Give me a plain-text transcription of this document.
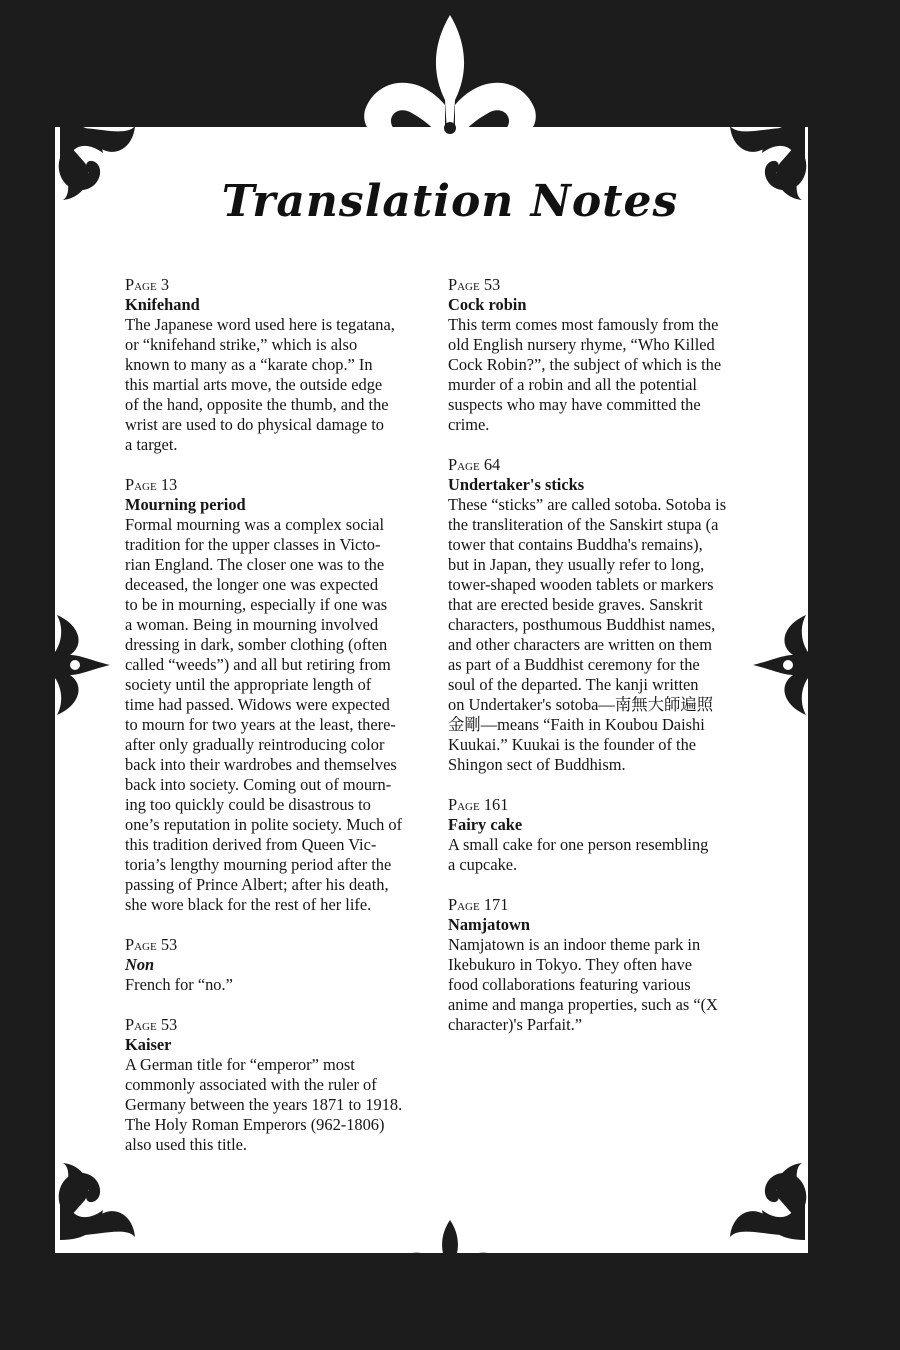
Translation Notes
Page 3
Knifehand
The Japanese word used here is tegatana,
or “knifehand strike,” which is also
known to many as a “karate chop.” In
this martial arts move, the outside edge
of the hand, opposite the thumb, and the
wrist are used to do physical damage to
a target.
Page 13
Mourning period
Formal mourning was a complex social
tradition for the upper classes in Victo-
rian England. The closer one was to the
deceased, the longer one was expected
to be in mourning, especially if one was
a woman. Being in mourning involved
dressing in dark, somber clothing (often
called “weeds”) and all but retiring from
society until the appropriate length of
time had passed. Widows were expected
to mourn for two years at the least, there-
after only gradually reintroducing color
back into their wardrobes and themselves
back into society. Coming out of mourn-
ing too quickly could be disastrous to
one’s reputation in polite society. Much of
this tradition derived from Queen Vic-
toria’s lengthy mourning period after the
passing of Prince Albert; after his death,
she wore black for the rest of her life.
Page 53
Non
French for “no.”
Page 53
Kaiser
A German title for “emperor” most
commonly associated with the ruler of
Germany between the years 1871 to 1918.
The Holy Roman Emperors (962-1806)
also used this title.
Page 53
Cock robin
This term comes most famously from the
old English nursery rhyme, “Who Killed
Cock Robin?”, the subject of which is the
murder of a robin and all the potential
suspects who may have committed the
crime.
Page 64
Undertaker's sticks
These “sticks” are called sotoba. Sotoba is
the transliteration of the Sanskirt stupa (a
tower that contains Buddha's remains),
but in Japan, they usually refer to long,
tower-shaped wooden tablets or markers
that are erected beside graves. Sanskrit
characters, posthumous Buddhist names,
and other characters are written on them
as part of a Buddhist ceremony for the
soul of the departed. The kanji written
on Undertaker's sotoba—南無大師遍照
金剛—means “Faith in Koubou Daishi
Kuukai.” Kuukai is the founder of the
Shingon sect of Buddhism.
Page 161
Fairy cake
A small cake for one person resembling
a cupcake.
Page 171
Namjatown
Namjatown is an indoor theme park in
Ikebukuro in Tokyo. They often have
food collaborations featuring various
anime and manga properties, such as “(X
character)'s Parfait.”
